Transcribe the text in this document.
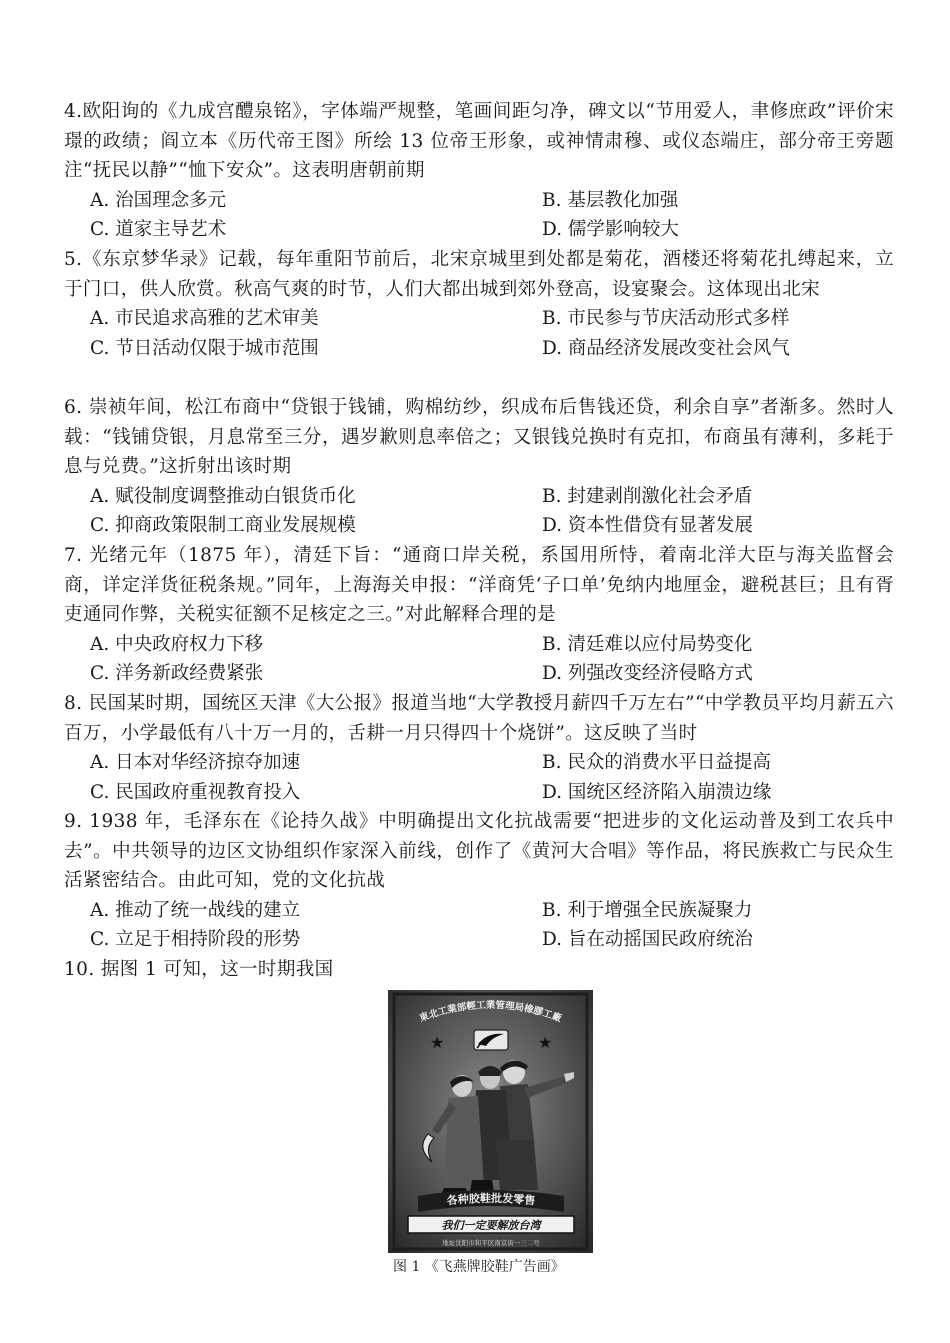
4.欧阳询的《九成宫醴泉铭》，字体端严规整，笔画间距匀净，碑文以“节用爱人，聿修庶政”评价宋璟的政绩；阎立本《历代帝王图》所绘 13 位帝王形象，或神情肃穆、或仪态端庄，部分帝王旁题注“抚民以静”“恤下安众”。这表明唐朝前期

A. 治国理念多元	B. 基层教化加强
C. 道家主导艺术	D. 儒学影响较大

5.《东京梦华录》记载，每年重阳节前后，北宋京城里到处都是菊花，酒楼还将菊花扎缚起来，立于门口，供人欣赏。秋高气爽的时节，人们大都出城到郊外登高，设宴聚会。这体现出北宋

A. 市民追求高雅的艺术审美	B. 市民参与节庆活动形式多样
C. 节日活动仅限于城市范围	D. 商品经济发展改变社会风气

6. 崇祯年间，松江布商中“贷银于钱铺，购棉纺纱，织成布后售钱还贷，利余自享”者渐多。然时人载：“钱铺贷银，月息常至三分，遇岁歉则息率倍之；又银钱兑换时有克扣，布商虽有薄利，多耗于息与兑费。”这折射出该时期

A. 赋役制度调整推动白银货币化	B. 封建剥削激化社会矛盾
C. 抑商政策限制工商业发展规模	D. 资本性借贷有显著发展

7. 光绪元年（1875 年），清廷下旨：“通商口岸关税，系国用所恃，着南北洋大臣与海关监督会商，详定洋货征税条规。”同年，上海海关申报：“洋商凭‘子口单’免纳内地厘金，避税甚巨；且有胥吏通同作弊，关税实征额不足核定之三。”对此解释合理的是

A. 中央政府权力下移	B. 清廷难以应付局势变化
C. 洋务新政经费紧张	D. 列强改变经济侵略方式

8. 民国某时期，国统区天津《大公报》报道当地“大学教授月薪四千万左右”“中学教员平均月薪五六百万，小学最低有八十万一月的，舌耕一月只得四十个烧饼”。这反映了当时

A. 日本对华经济掠夺加速	B. 民众的消费水平日益提高
C. 民国政府重视教育投入	D. 国统区经济陷入崩溃边缘

9. 1938 年，毛泽东在《论持久战》中明确提出文化抗战需要“把进步的文化运动普及到工农兵中去”。中共领导的边区文协组织作家深入前线，创作了《黄河大合唱》等作品，将民族救亡与民众生活紧密结合。由此可知，党的文化抗战

A. 推动了统一战线的建立	B. 利于增强全民族凝聚力
C. 立足于相持阶段的形势	D. 旨在动摇国民政府统治

10. 据图 1 可知，这一时期我国

東北工業部輕工業管理局橡膠工廠
★	★
各种胶鞋批发零售
我们一定要解放台湾
地址沈阳市和平区南京街一三二号
图 1 《飞燕牌胶鞋广告画》
